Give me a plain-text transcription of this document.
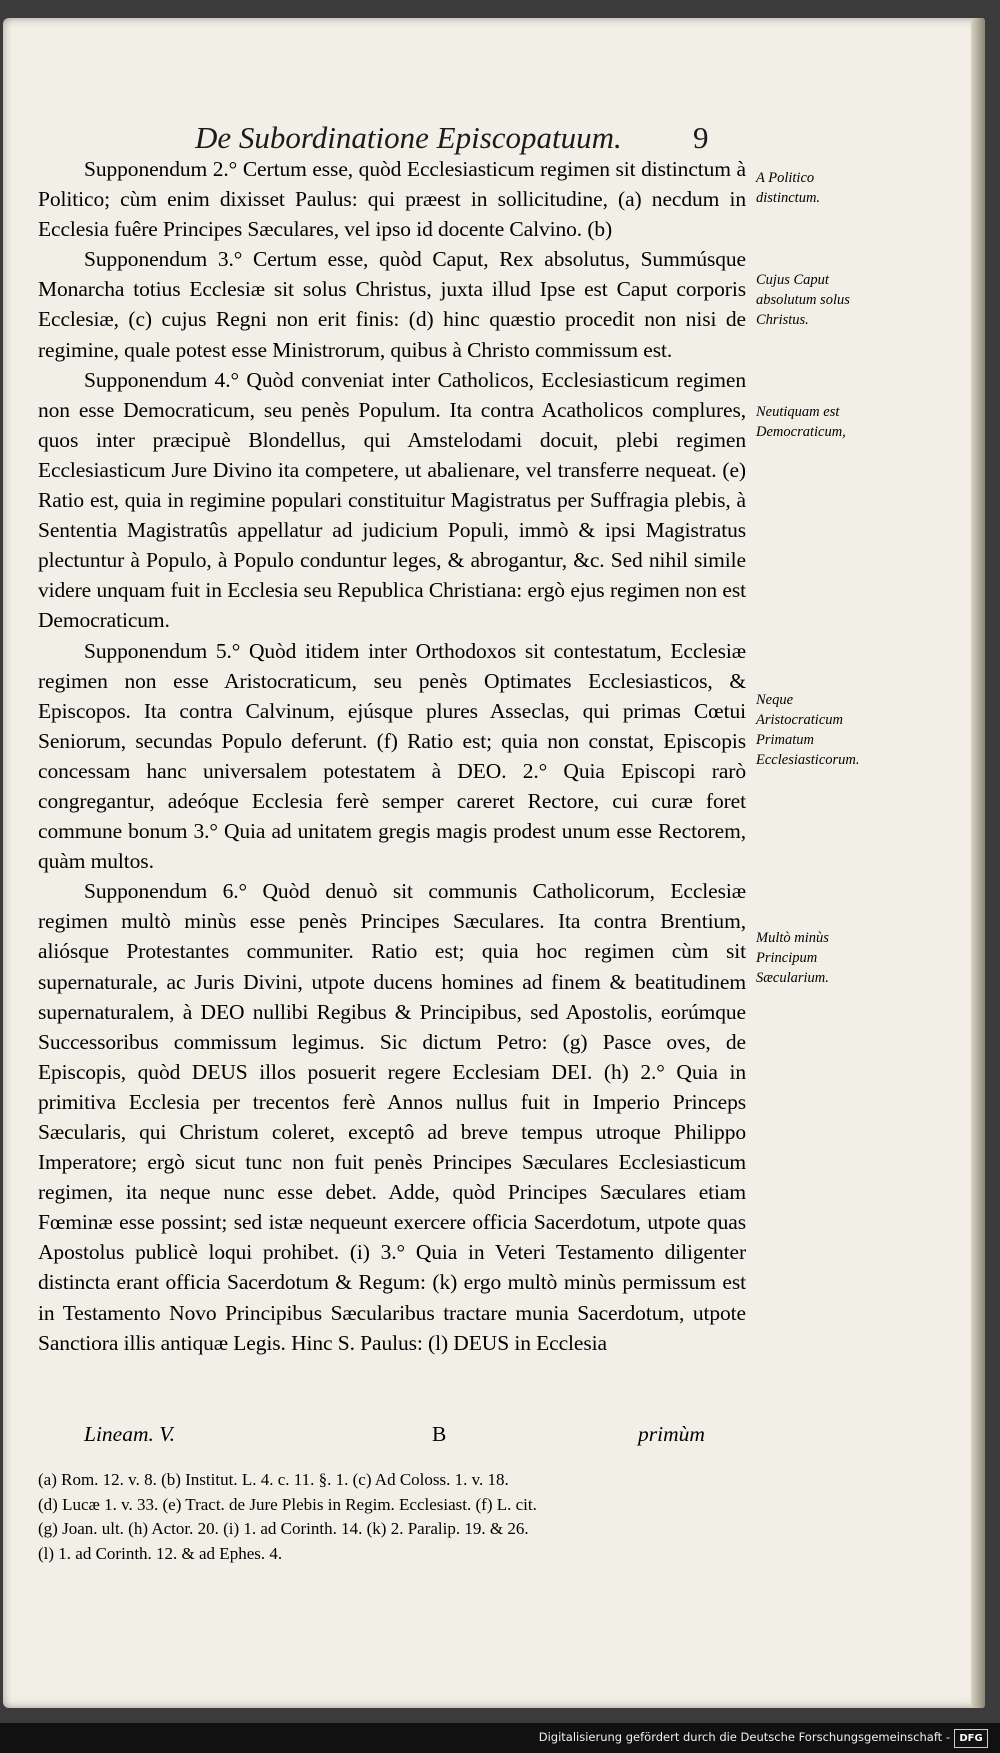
De Subordinatione Episcopatuum. 9

Supponendum 2.° Certum esse, quòd Ecclesiasticum regimen sit distinctum à Politico; cùm enim dixisset Paulus: qui præest in sollicitudine, (a) necdum in Ecclesia fuêre Principes Sæculares, vel ipso id docente Calvino. (b)

Supponendum 3.° Certum esse, quòd Caput, Rex absolutus, Summúsque Monarcha totius Ecclesiæ sit solus Christus, juxta illud Ipse est Caput corporis Ecclesiæ, (c) cujus Regni non erit finis: (d) hinc quæstio procedit non nisi de regimine, quale potest esse Ministrorum, quibus à Christo commissum est.

Supponendum 4.° Quòd conveniat inter Catholicos, Ecclesiasticum regimen non esse Democraticum, seu penès Populum. Ita contra Acatholicos complures, quos inter præcipuè Blondellus, qui Amstelodami docuit, plebi regimen Ecclesiasticum Jure Divino ita competere, ut abalienare, vel transferre nequeat. (e) Ratio est, quia in regimine populari constituitur Magistratus per Suffragia plebis, à Sententia Magistratûs appellatur ad judicium Populi, immò & ipsi Magistratus plectuntur à Populo, à Populo conduntur leges, & abrogantur, &c. Sed nihil simile videre unquam fuit in Ecclesia seu Republica Christiana: ergò ejus regimen non est Democraticum.

Supponendum 5.° Quòd itidem inter Orthodoxos sit contestatum, Ecclesiæ regimen non esse Aristocraticum, seu penès Optimates Ecclesiasticos, & Episcopos. Ita contra Calvinum, ejúsque plures Asseclas, qui primas Cœtui Seniorum, secundas Populo deferunt. (f) Ratio est; quia non constat, Episcopis concessam hanc universalem potestatem à DEO. 2.° Quia Episcopi rarò congregantur, adeóque Ecclesia ferè semper careret Rectore, cui curæ foret commune bonum 3.° Quia ad unitatem gregis magis prodest unum esse Rectorem, quàm multos.

Supponendum 6.° Quòd denuò sit communis Catholicorum, Ecclesiæ regimen multò minùs esse penès Principes Sæculares. Ita contra Brentium, aliósque Protestantes communiter. Ratio est; quia hoc regimen cùm sit supernaturale, ac Juris Divini, utpote ducens homines ad finem & beatitudinem supernaturalem, à DEO nullibi Regibus & Principibus, sed Apostolis, eorúmque Successoribus commissum legimus. Sic dictum Petro: (g) Pasce oves, de Episcopis, quòd DEUS illos posuerit regere Ecclesiam DEI. (h) 2.° Quia in primitiva Ecclesia per trecentos ferè Annos nullus fuit in Imperio Princeps Sæcularis, qui Christum coleret, exceptô ad breve tempus utroque Philippo Imperatore; ergò sicut tunc non fuit penès Principes Sæculares Ecclesiasticum regimen, ita neque nunc esse debet. Adde, quòd Principes Sæculares etiam Fœminæ esse possint; sed istæ nequeunt exercere officia Sacerdotum, utpote quas Apostolus publicè loqui prohibet. (i) 3.° Quia in Veteri Testamento diligenter distincta erant officia Sacerdotum & Regum: (k) ergo multò minùs permissum est in Testamento Novo Principibus Sæcularibus tractare munia Sacerdotum, utpote Sanctiora illis antiquæ Legis. Hinc S. Paulus: (l) DEUS in Ecclesia

A Politico distinctum.
Cujus Caput absolutum solus Christus.
Neutiquam est Democraticum,
Neque Aristocraticum Primatum Ecclesiasticorum.
Multò minùs Principum Sæcularium.
Lineam. V.	B	primùm

(a) Rom. 12. v. 8. (b) Institut. L. 4. c. 11. §. 1. (c) Ad Coloss. 1. v. 18.

(d) Lucæ 1. v. 33. (e) Tract. de Jure Plebis in Regim. Ecclesiast. (f) L. cit.

(g) Joan. ult. (h) Actor. 20. (i) 1. ad Corinth. 14. (k) 2. Paralip. 19. & 26.

(l) 1. ad Corinth. 12. & ad Ephes. 4.

Digitalisierung gefördert durch die Deutsche Forschungsgemeinschaft - DFG
